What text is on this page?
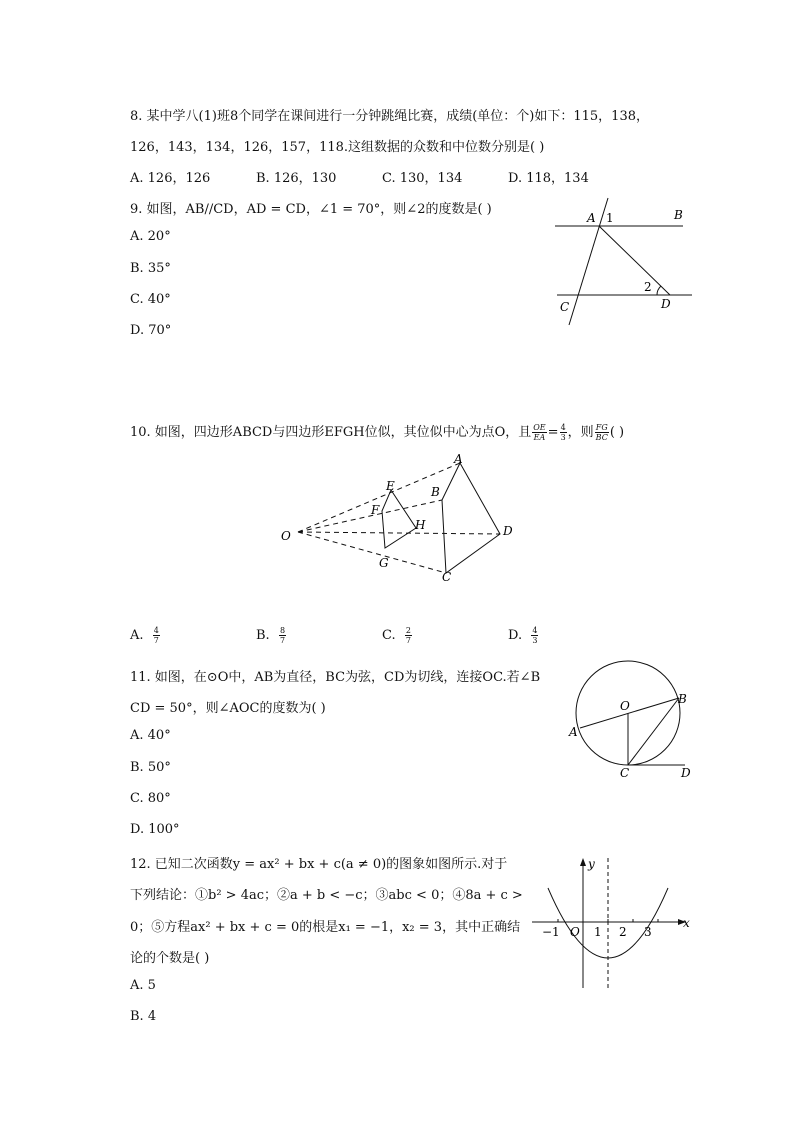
8. 某中学八(1)班8个同学在课间进行一分钟跳绳比赛，成绩(单位：个)如下：115，138，
126，143，134，126，157，118.这组数据的众数和中位数分别是( )
A. 126，126	B. 126，130	C. 130，134	D. 118，134
9. 如图，AB//CD，AD = CD，∠1 = 70°，则∠2的度数是( )
A. 20°
B. 35°
C. 40°
D. 70°
A 1	B
C
2
D
10. 如图，四边形ABCD与四边形EFGH位似，其位似中心为点O，且 $\frac{OE}{EA} = \frac{4}{3}$ ，则 $\frac{FG}{BC}$ ( )
O
A
B
C
D
E
F
G
H
A. $\frac{4}{7}$	B. $\frac{8}{7}$	C. $\frac{2}{7}$	D. $\frac{4}{3}$
11. 如图，在⊙O中，AB为直径，BC为弦，CD为切线，连接OC.若∠B
CD = 50°，则∠AOC的度数为( )
A. 40°
B. 50°
C. 80°
D. 100°
O
A
B
C	D
12. 已知二次函数y = ax² + bx + c(a ≠ 0)的图象如图所示.对于
下列结论：①b² > 4ac；②a + b < −c；③abc < 0；④8a + c >
0；⑤方程ax² + bx + c = 0的根是x₁ = −1，x₂ = 3，其中正确结
论的个数是( )
A. 5
B. 4
y
x
O
−1	1 2 3
